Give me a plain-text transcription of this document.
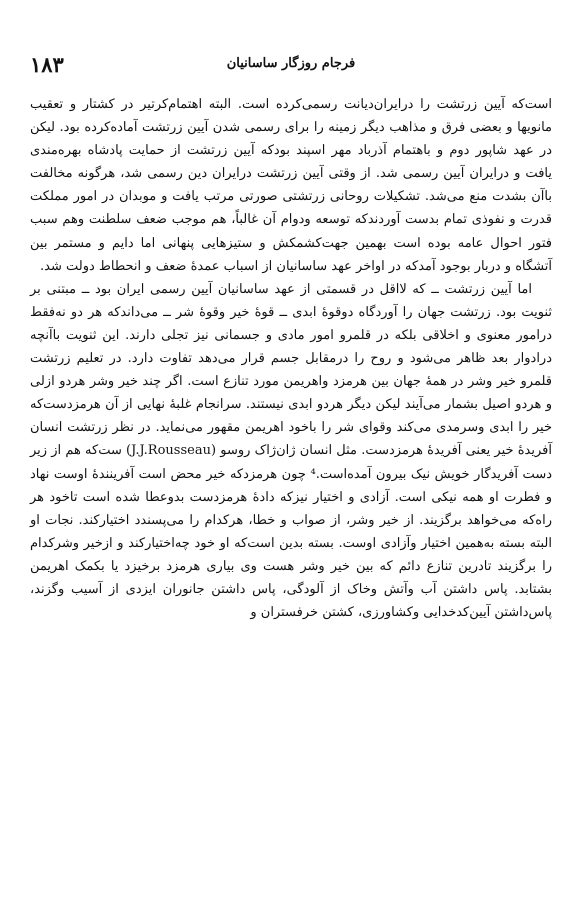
۱۸۳	فرجام روزگار ساسانیان

است‌که آیین زرتشت را درایران‌دیانت رسمی‌کرده است. البته اهتمام‌کرتیر در کشتار و تعقیب مانویها و بعضی فرق و مذاهب دیگر زمینه را برای رسمی شدن آیین زرتشت آماده‌کرده بود. لیکن در عهد شاپور دوم و باهتمام آذرباد مهر اسپند بودکه آیین زرتشت از حمایت پادشاه بهره‌مندی یافت و درایران آیین رسمی شد. از وقتی آیین زرتشت درایران دین رسمی شد، هرگونه مخالفت باآن بشدت منع می‌شد. تشکیلات روحانی زرتشتی صورتی مرتب یافت و موبدان در امور مملکت قدرت و نفوذی تمام بدست آوردندکه توسعه ودوام آن غالباً، هم موجب ضعف سلطنت وهم سبب فتور احوال عامه بوده است بهمین جهت‌کشمکش و ستیزهایی پنهانی اما دایم و مستمر بین آتشگاه و دربار بوجود آمدکه در اواخر عهد ساسانیان از اسباب عمدهٔ ضعف و انحطاط دولت شد.

اما آیین زرتشت ــ که لااقل در قسمتی از عهد ساسانیان آیین رسمی ایران بود ــ مبتنی بر ثنویت بود. زرتشت جهان را آوردگاه دوقوهٔ ابدی ــ قوهٔ خیر وقوهٔ شر ــ می‌داندکه هر دو نه‌فقط درامور معنوی و اخلاقی بلکه در قلمرو امور مادی و جسمانی نیز تجلی دارند. این ثنویت باآنچه درادوار بعد ظاهر می‌شود و روح را درمقابل جسم قرار می‌دهد تفاوت دارد. در تعلیم زرتشت قلمرو خیر وشر در همهٔ جهان بین هرمزد واهریمن مورد تنازع است. اگر چند خیر وشر هردو ازلی و هردو اصیل بشمار می‌آیند لیکن دیگر هردو ابدی نیستند. سرانجام غلبهٔ نهایی از آن هرمزدست‌که خیر را ابدی وسرمدی می‌کند وقوای شر را باخود اهریمن مقهور می‌نماید. در نظر زرتشت انسان آفریدهٔ خیر یعنی آفریدهٔ هرمزدست. مثل انسان ژان‌ژاک روسو (J.J.Rousseau) ست‌که هم از زیر دست آفریدگار خویش نیک بیرون آمده‌است.⁴ چون هرمزدکه خیر محض است آفرینندهٔ اوست نهاد و فطرت او همه نیکی است. آزادی و اختیار نیزکه دادهٔ هرمزدست بدوعطا شده است تاخود هر راه‌که می‌خواهد برگزیند. از خیر وشر، از صواب و خطا، هرکدام را می‌پسندد اختیارکند. نجات او البته بسته به‌همین اختیار وآزادی اوست. بسته بدین است‌که او خود چه‌اختیارکند و ازخیر وشرکدام را برگزیند تادرین تنازع دائم‌ که بین خیر وشر هست وی بیاری هرمزد برخیزد یا بکمک اهریمن بشتابد. پاس داشتن آب وآتش وخاک از آلودگی، پاس داشتن جانوران ایزدی از آسیب وگزند، پاس‌داشتن آیین‌کدخدایی وکشاورزی، کشتن خرفستران و
